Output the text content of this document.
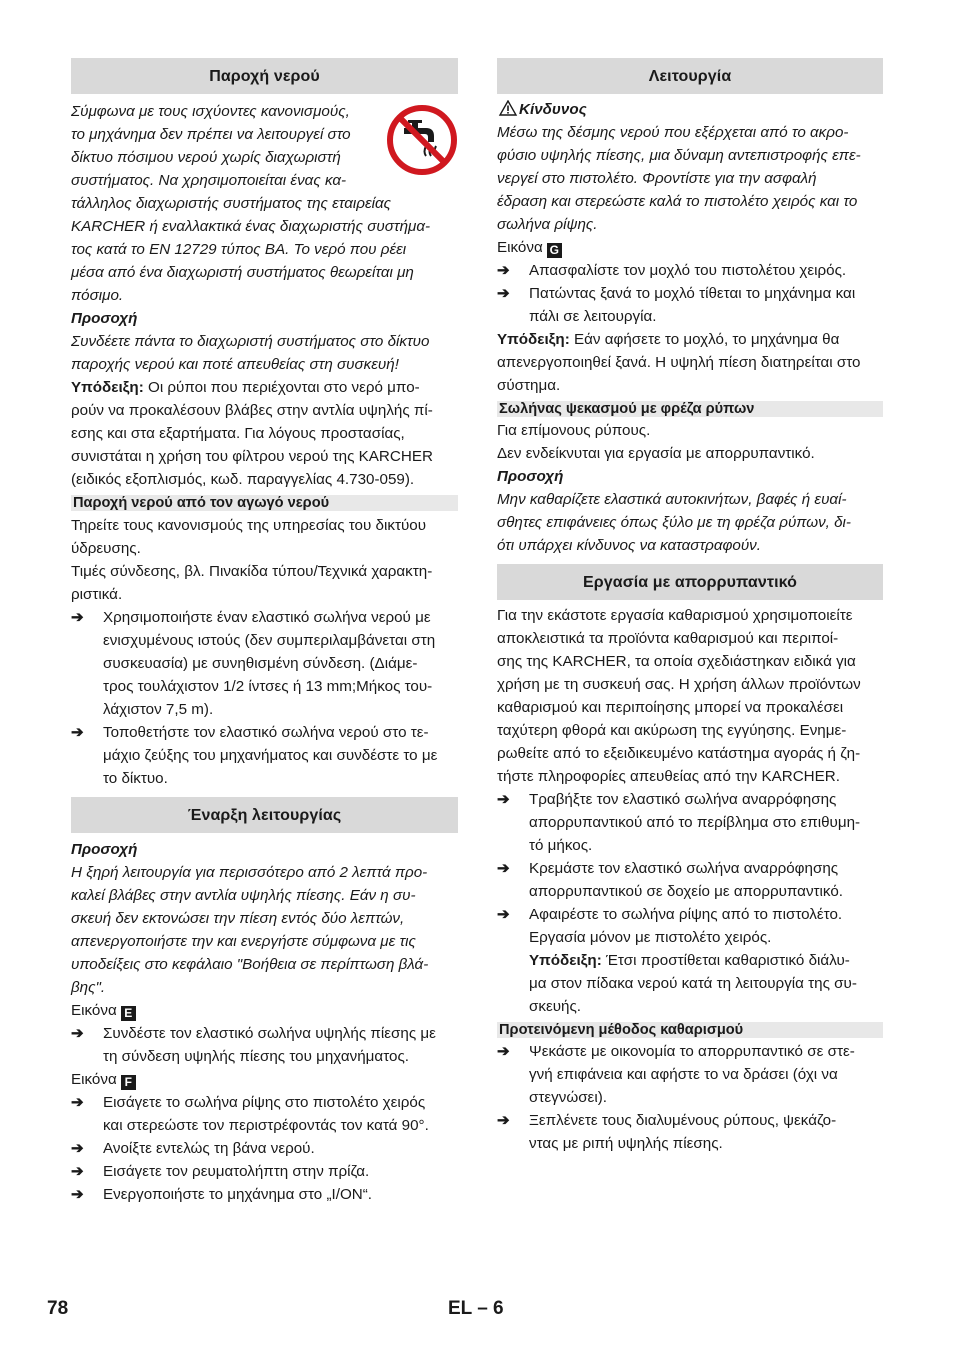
Παροχή νερού
Σύμφωνα με τους ισχύοντες κανονισμούς,
το μηχάνημα δεν πρέπει να λειτουργεί στο
δίκτυο πόσιμου νερού χωρίς διαχωριστή
συστήματος. Να χρησιμοποιείται ένας κα-
τάλληλος διαχωριστής συστήματος της εταιρείας
KARCHER ή εναλλακτικά ένας διαχωριστής συστήμα-
τος κατά το EN 12729 τύπος BA. Το νερό που ρέει
μέσα από ένα διαχωριστή συστήματος θεωρείται μη
πόσιμο.
Προσοχή
Συνδέετε πάντα το διαχωριστή συστήματος στο δίκτυο
παροχής νερού και ποτέ απευθείας στη συσκευή!
Υπόδειξη: Οι ρύποι που περιέχονται στο νερό μπο-
ρούν να προκαλέσουν βλάβες στην αντλία υψηλής πί-
εσης και στα εξαρτήματα. Για λόγους προστασίας,
συνιστάται η χρήση του φίλτρου νερού της KARCHER
(ειδικός εξοπλισμός, κωδ. παραγγελίας 4.730-059).
Παροχή νερού από τον αγωγό νερού
Τηρείτε τους κανονισμούς της υπηρεσίας του δικτύου
ύδρευσης.
Τιμές σύνδεσης, βλ. Πινακίδα τύπου/Τεχνικά χαρακτη-
ριστικά.
➔	Χρησιμοποιήστε έναν ελαστικό σωλήνα νερού με
ενισχυμένους ιστούς (δεν συμπεριλαμβάνεται στη
συσκευασία) με συνηθισμένη σύνδεση. (Διάμε-
τρος τουλάχιστον 1/2 ίντσες ή 13 mm;Μήκος του-
λάχιστον 7,5 m).
➔	Τοποθετήστε τον ελαστικό σωλήνα νερού στο τε-
μάχιο ζεύξης του μηχανήματος και συνδέστε το με
το δίκτυο.
Έναρξη λειτουργίας
Προσοχή
Η ξηρή λειτουργία για περισσότερο από 2 λεπτά προ-
καλεί βλάβες στην αντλία υψηλής πίεσης. Εάν η συ-
σκευή δεν εκτονώσει την πίεση εντός δύο λεπτών,
απενεργοποιήστε την και ενεργήστε σύμφωνα με τις
υποδείξεις στο κεφάλαιο "Βοήθεια σε περίπτωση βλά-
βης".
Εικόνα E
➔	Συνδέστε τον ελαστικό σωλήνα υψηλής πίεσης με
τη σύνδεση υψηλής πίεσης του μηχανήματος.
Εικόνα F
➔	Εισάγετε το σωλήνα ρίψης στο πιστολέτο χειρός
και στερεώστε τον περιστρέφοντάς τον κατά 90°.
➔	Ανοίξτε εντελώς τη βάνα νερού.
➔	Εισάγετε τον ρευματολήπτη στην πρίζα.
➔	Ενεργοποιήστε το μηχάνημα στο „I/ON“.
Λειτουργία
Κίνδυνος
Μέσω της δέσμης νερού που εξέρχεται από το ακρο-
φύσιο υψηλής πίεσης, μια δύναμη αντεπιστροφής επε-
νεργεί στο πιστολέτο. Φροντίστε για την ασφαλή
έδραση και στερεώστε καλά το πιστολέτο χειρός και το
σωλήνα ρίψης.
Εικόνα G
➔	Απασφαλίστε τον μοχλό του πιστολέτου χειρός.
➔	Πατώντας ξανά το μοχλό τίθεται το μηχάνημα και
πάλι σε λειτουργία.
Υπόδειξη: Εάν αφήσετε το μοχλό, το μηχάνημα θα
απενεργοποιηθεί ξανά. Η υψηλή πίεση διατηρείται στο
σύστημα.
Σωλήνας ψεκασμού με φρέζα ρύπων
Για επίμονους ρύπους.
Δεν ενδείκνυται για εργασία με απορρυπαντικό.
Προσοχή
Μην καθαρίζετε ελαστικά αυτοκινήτων, βαφές ή ευαί-
σθητες επιφάνειες όπως ξύλο με τη φρέζα ρύπων, δι-
ότι υπάρχει κίνδυνος να καταστραφούν.
Εργασία με απορρυπαντικό
Για την εκάστοτε εργασία καθαρισμού χρησιμοποιείτε
αποκλειστικά τα προϊόντα καθαρισμού και περιποί-
σης της KARCHER, τα οποία σχεδιάστηκαν ειδικά για
χρήση με τη συσκευή σας. Η χρήση άλλων προϊόντων
καθαρισμού και περιποίησης μπορεί να προκαλέσει
ταχύτερη φθορά και ακύρωση της εγγύησης. Ενημε-
ρωθείτε από το εξειδικευμένο κατάστημα αγοράς ή ζη-
τήστε πληροφορίες απευθείας από την KARCHER.
➔	Τραβήξτε τον ελαστικό σωλήνα αναρρόφησης
απορρυπαντικού από το περίβλημα στο επιθυμη-
τό μήκος.
➔	Κρεμάστε τον ελαστικό σωλήνα αναρρόφησης
απορρυπαντικού σε δοχείο με απορρυπαντικό.
➔	Αφαιρέστε το σωλήνα ρίψης από το πιστολέτο.
Εργασία μόνον με πιστολέτο χειρός.
Υπόδειξη: Έτσι προστίθεται καθαριστικό διάλυ-
μα στον πίδακα νερού κατά τη λειτουργία της συ-
σκευής.
Προτεινόμενη μέθοδος καθαρισμού
➔	Ψεκάστε με οικονομία το απορρυπαντικό σε στε-
γνή επιφάνεια και αφήστε το να δράσει (όχι να
στεγνώσει).
➔	Ξεπλένετε τους διαλυμένους ρύπους, ψεκάζο-
ντας με ριπή υψηλής πίεσης.
78	EL – 6
